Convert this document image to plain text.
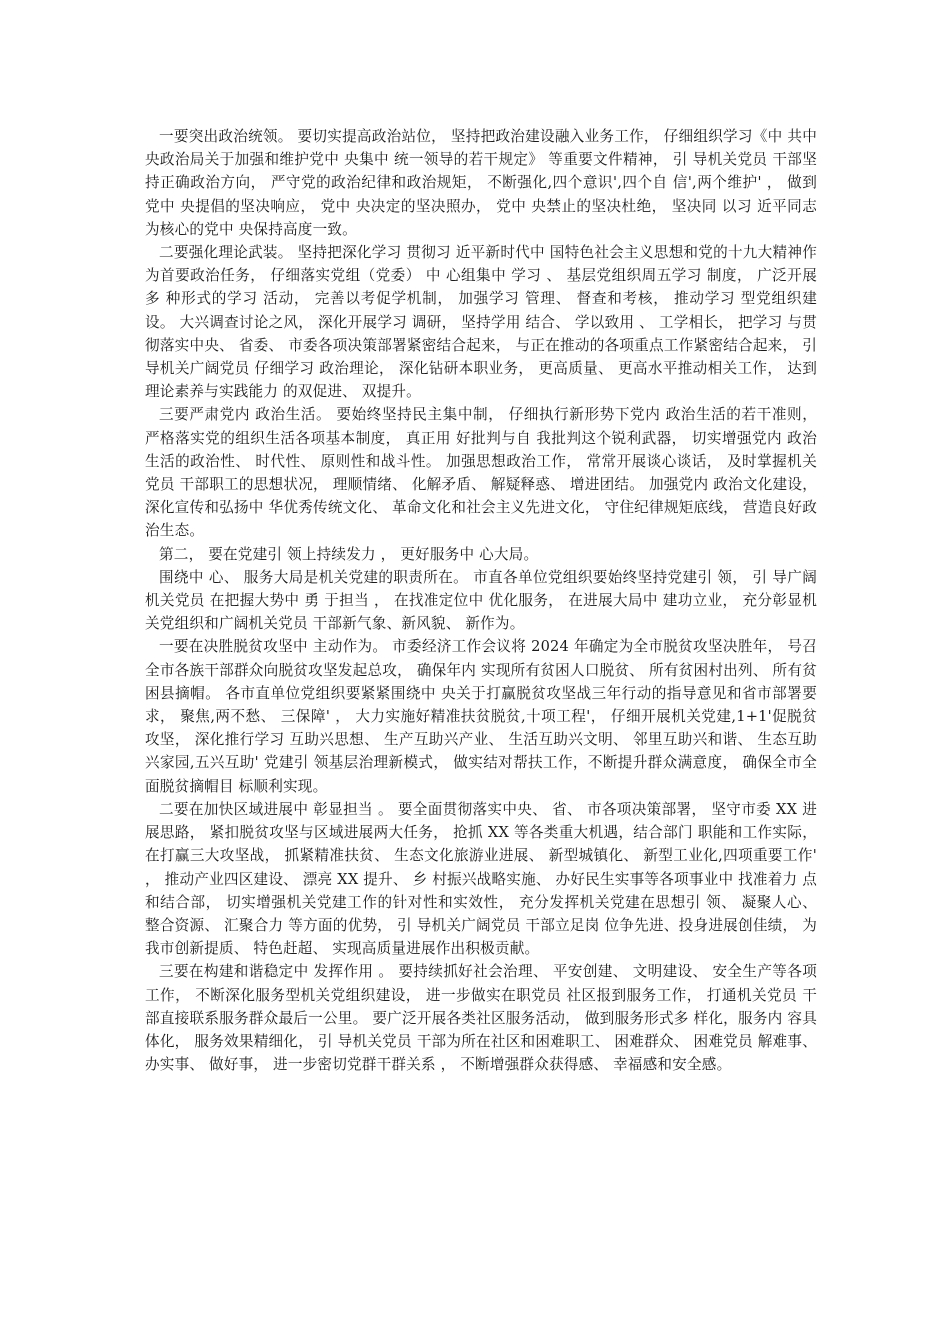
一要突出政治统领。 要切实提高政治站位， 坚持把政治建设融入业务工作， 仔细组织学习《中 共中 央政治局关于加强和维护党中 央集中 统一领导的若干规定》 等重要文件精神， 引 导机关党员 干部坚持正确政治方向， 严守党的政治纪律和政治规矩， 不断强化,四个意识',四个自 信',两个维护' ， 做到党中 央提倡的坚决响应， 党中 央决定的坚决照办， 党中 央禁止的坚决杜绝， 坚决同 以习 近平同志为核心的党中 央保持高度一致。

二要强化理论武装。 坚持把深化学习 贯彻习 近平新时代中 国特色社会主义思想和党的十九大精神作为首要政治任务， 仔细落实党组（党委） 中 心组集中 学习 、 基层党组织周五学习 制度， 广泛开展多 种形式的学习 活动， 完善以考促学机制， 加强学习 管理、 督查和考核， 推动学习 型党组织建设。 大兴调查讨论之风， 深化开展学习 调研， 坚持学用 结合、 学以致用 、 工学相长， 把学习 与贯彻落实中央、 省委、 市委各项决策部署紧密结合起来， 与正在推动的各项重点工作紧密结合起来， 引 导机关广阔党员 仔细学习 政治理论， 深化钻研本职业务， 更高质量、 更高水平推动相关工作， 达到理论素养与实践能力 的双促进、 双提升。

三要严肃党内 政治生活。 要始终坚持民主集中制， 仔细执行新形势下党内 政治生活的若干准则， 严格落实党的组织生活各项基本制度， 真正用 好批判与自 我批判这个锐利武器， 切实增强党内 政治生活的政治性、 时代性、 原则性和战斗性。 加强思想政治工作， 常常开展谈心谈话， 及时掌握机关党员 干部职工的思想状况， 理顺情绪、 化解矛盾、 解疑释惑、 增进团结。 加强党内 政治文化建设， 深化宣传和弘扬中 华优秀传统文化、 革命文化和社会主义先进文化， 守住纪律规矩底线， 营造良好政治生态。

第二， 要在党建引 领上持续发力 ， 更好服务中 心大局。

围绕中 心、 服务大局是机关党建的职责所在。 市直各单位党组织要始终坚持党建引 领， 引 导广阔机关党员 在把握大势中 勇 于担当 ， 在找准定位中 优化服务， 在进展大局中 建功立业， 充分彰显机关党组织和广阔机关党员 干部新气象、新风貌、 新作为。

一要在决胜脱贫攻坚中 主动作为。 市委经济工作会议将 2024 年确定为全市脱贫攻坚决胜年， 号召全市各族干部群众向脱贫攻坚发起总攻， 确保年内 实现所有贫困人口脱贫、 所有贫困村出列、 所有贫困县摘帽。 各市直单位党组织要紧紧围绕中 央关于打赢脱贫攻坚战三年行动的指导意见和省市部署要求， 聚焦,两不愁、 三保障' ， 大力实施好精准扶贫脱贫,十项工程'， 仔细开展机关党建,1+1'促脱贫攻坚， 深化推行学习 互助兴思想、 生产互助兴产业、 生活互助兴文明、 邻里互助兴和谐、 生态互助兴家园,五兴互助' 党建引 领基层治理新模式， 做实结对帮扶工作，不断提升群众满意度， 确保全市全面脱贫摘帽目 标顺利实现。

二要在加快区域进展中 彰显担当 。 要全面贯彻落实中央、 省、 市各项决策部署， 坚守市委 XX 进展思路， 紧扣脱贫攻坚与区域进展两大任务， 抢抓 XX 等各类重大机遇，结合部门 职能和工作实际， 在打赢三大攻坚战， 抓紧精准扶贫、 生态文化旅游业进展、 新型城镇化、 新型工业化,四项重要工作' ， 推动产业四区建设、 漂亮 XX 提升、 乡 村振兴战略实施、 办好民生实事等各项事业中 找准着力 点和结合部， 切实增强机关党建工作的针对性和实效性， 充分发挥机关党建在思想引 领、 凝聚人心、 整合资源、 汇聚合力 等方面的优势， 引 导机关广阔党员 干部立足岗 位争先进、投身进展创佳绩， 为我市创新提质、 特色赶超、 实现高质量进展作出积极贡献。

三要在构建和谐稳定中 发挥作用 。 要持续抓好社会治理、 平安创建、 文明建设、 安全生产等各项工作， 不断深化服务型机关党组织建设， 进一步做实在职党员 社区报到服务工作， 打通机关党员 干部直接联系服务群众最后一公里。 要广泛开展各类社区服务活动， 做到服务形式多 样化，服务内 容具体化， 服务效果精细化， 引 导机关党员 干部为所在社区和困难职工、 困难群众、 困难党员 解难事、 办实事、 做好事， 进一步密切党群干群关系 ， 不断增强群众获得感、 幸福感和安全感。
